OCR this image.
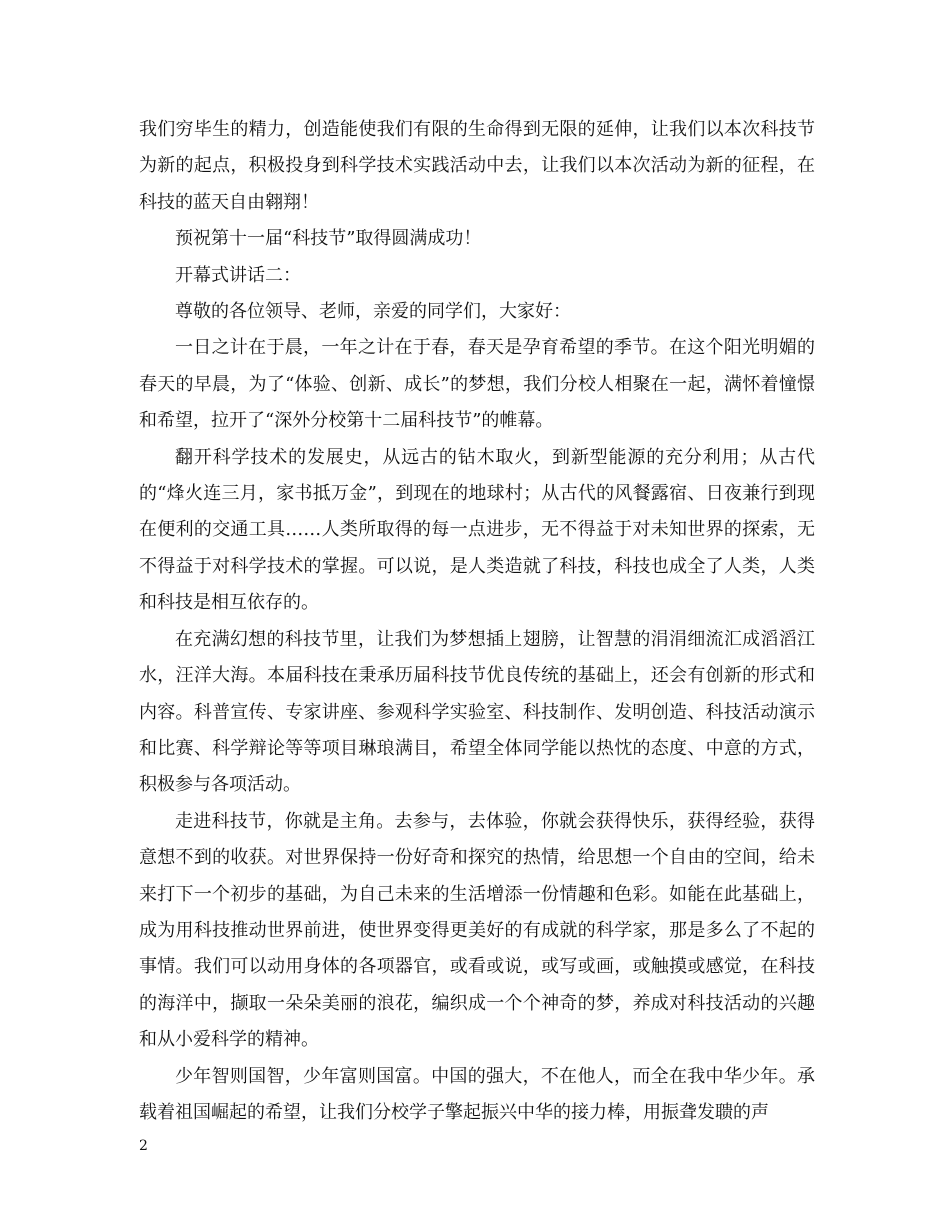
我们穷毕生的精力，创造能使我们有限的生命得到无限的延伸，让我们以本次科技节为新的起点，积极投身到科学技术实践活动中去，让我们以本次活动为新的征程，在科技的蓝天自由翱翔！

预祝第十一届“科技节”取得圆满成功！

开幕式讲话二：

尊敬的各位领导、老师，亲爱的同学们，大家好：

一日之计在于晨，一年之计在于春，春天是孕育希望的季节。在这个阳光明媚的春天的早晨，为了“体验、创新、成长”的梦想，我们分校人相聚在一起，满怀着憧憬和希望，拉开了“深外分校第十二届科技节”的帷幕。

翻开科学技术的发展史，从远古的钻木取火，到新型能源的充分利用；从古代的“烽火连三月，家书抵万金”，到现在的地球村；从古代的风餐露宿、日夜兼行到现在便利的交通工具……人类所取得的每一点进步，无不得益于对未知世界的探索，无不得益于对科学技术的掌握。可以说，是人类造就了科技，科技也成全了人类，人类和科技是相互依存的。

在充满幻想的科技节里，让我们为梦想插上翅膀，让智慧的涓涓细流汇成滔滔江水，汪洋大海。本届科技在秉承历届科技节优良传统的基础上，还会有创新的形式和内容。科普宣传、专家讲座、参观科学实验室、科技制作、发明创造、科技活动演示和比赛、科学辩论等等项目琳琅满目，希望全体同学能以热忱的态度、中意的方式，积极参与各项活动。

走进科技节，你就是主角。去参与，去体验，你就会获得快乐，获得经验，获得意想不到的收获。对世界保持一份好奇和探究的热情，给思想一个自由的空间，给未来打下一个初步的基础，为自己未来的生活增添一份情趣和色彩。如能在此基础上，成为用科技推动世界前进，使世界变得更美好的有成就的科学家，那是多么了不起的事情。我们可以动用身体的各项器官，或看或说，或写或画，或触摸或感觉，在科技的海洋中，撷取一朵朵美丽的浪花，编织成一个个神奇的梦，养成对科技活动的兴趣和从小爱科学的精神。

少年智则国智，少年富则国富。中国的强大，不在他人，而全在我中华少年。承载着祖国崛起的希望，让我们分校学子擎起振兴中华的接力棒，用振聋发聩的声

2
